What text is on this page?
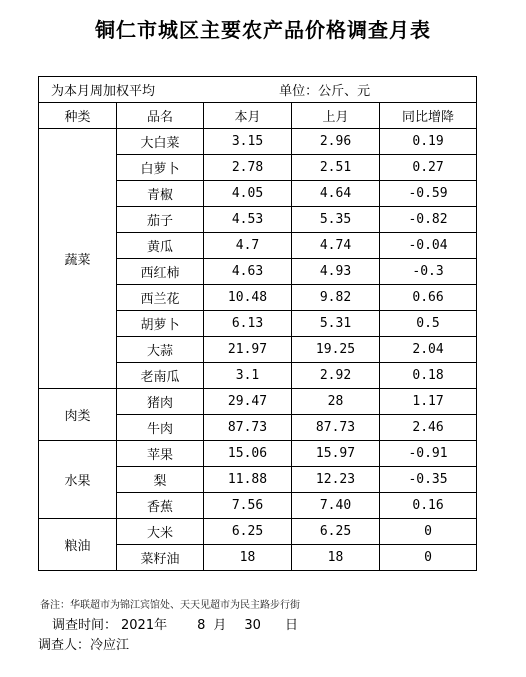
铜仁市城区主要农产品价格调查月表
为本月周加权平均 单位：公斤、元				
种类	品名	本月	上月	同比增降
蔬菜	大白菜	3.15	2.96	0.19
	白萝卜	2.78	2.51	0.27
	青椒	4.05	4.64	-0.59
	茄子	4.53	5.35	-0.82
	黄瓜	4.7	4.74	-0.04
	西红柿	4.63	4.93	-0.3
	西兰花	10.48	9.82	0.66
	胡萝卜	6.13	5.31	0.5
	大蒜	21.97	19.25	2.04
	老南瓜	3.1	2.92	0.18
肉类	猪肉	29.47	28	1.17
	牛肉	87.73	87.73	2.46
水果	苹果	15.06	15.97	-0.91
	梨	11.88	12.23	-0.35
	香蕉	7.56	7.40	0.16
粮油	大米	6.25	6.25	0
	菜籽油	18	18	0
备注：华联超市为锦江宾馆处、天天见超市为民主路步行街
调查时间： 2021年 8 月 30 日
调查人：冷应江
